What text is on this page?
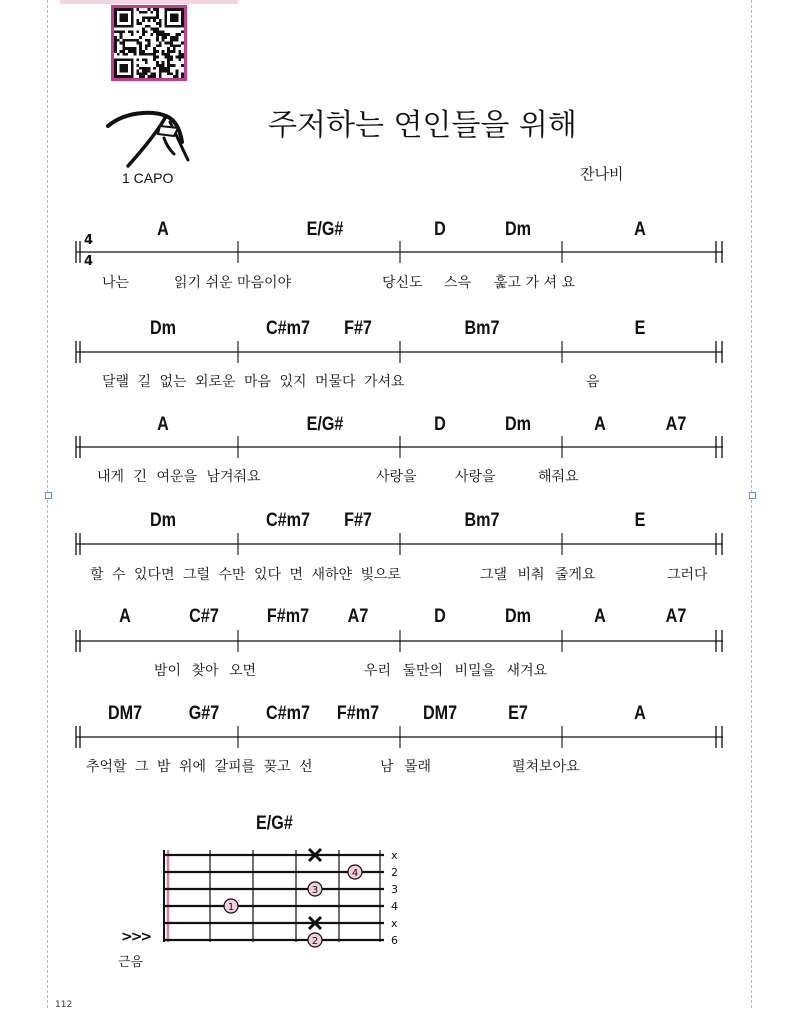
1 CAPO
주저하는 연인들을 위해
잔나비
4
4
A	E/G#	D	Dm	A
나는	읽기 쉬운 마음이야	당신도 스윽 훑고 가 셔 요
Dm	C#m7 F#7	Bm7	E
달랠 길 없는 외로운 마음 있지 머물다 가셔요	음
A	E/G#	D	Dm	A	A7
내게 긴 여운을 남겨줘요	사랑을	사랑을	해줘요
Dm	C#m7 F#7	Bm7	E
할 수 있다면 그럴 수만 있다 면 새하얀 빛으로	그댈 비춰 줄게요	그러다
A	C#7	F#m7 A7	D	Dm	A	A7
밤이 찾아 오면	우리 둘만의 비밀을 새겨요
DM7 G#7 C#m7 F#m7 DM7	E7	A
추억할 그 밤 위에 갈피를 꽂고 선	남 몰래	펼쳐보아요
E/G#
4
3
1
2
x
2
3
4
x
6
>>>
근음
112
